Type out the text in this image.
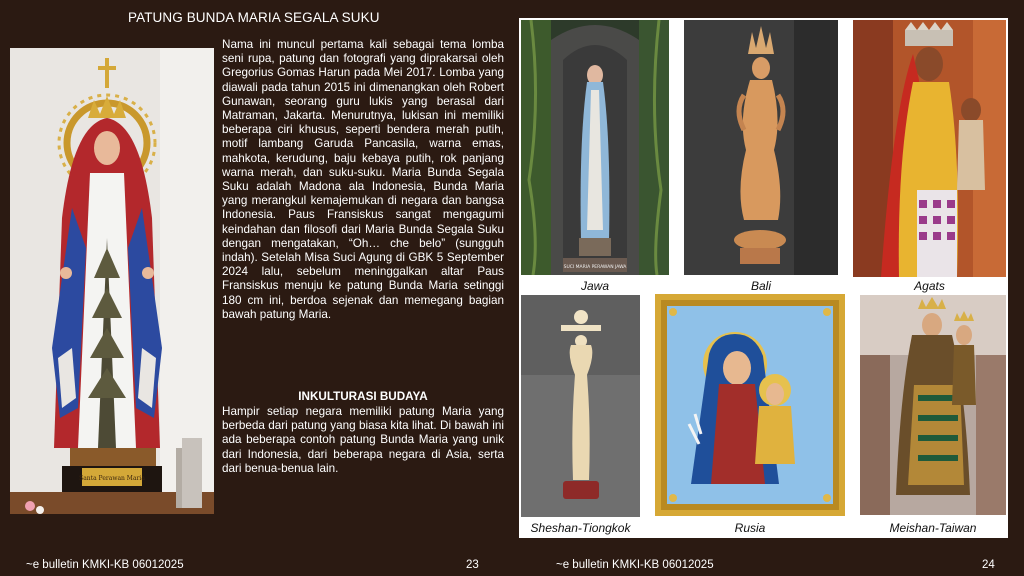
PATUNG BUNDA MARIA SEGALA SUKU
Santa Perawan Maria
Nama ini muncul pertama kali sebagai tema lomba seni rupa, patung dan fotografi yang diprakarsai oleh Gregorius Gomas Harun pada Mei 2017. Lomba yang diawali pada tahun 2015 ini dimenangkan oleh Robert Gunawan, seorang guru lukis yang berasal dari Matraman, Jakarta. Menurutnya, lukisan ini memiliki beberapa ciri khusus, seperti bendera merah putih, motif lambang Garuda Pancasila, warna emas, mahkota, kerudung, baju kebaya putih, rok panjang warna merah, dan suku-suku. Maria Bunda Segala Suku adalah Madona ala Indonesia, Bunda Maria yang merangkul kemajemukan di negara dan bangsa Indonesia. Paus Fransiskus sangat mengagumi keindahan dan filosofi dari Maria Bunda Segala Suku dengan mengatakan, “Oh… che belo” (sungguh indah). Setelah Misa Suci Agung di GBK 5 September 2024 lalu, sebelum meninggalkan altar Paus Fransiskus menuju ke patung Bunda Maria setinggi 180 cm ini, berdoa sejenak dan memegang bagian bawah patung Maria.
INKULTURASI BUDAYA
Hampir setiap negara memiliki patung Maria yang berbeda dari patung yang biasa kita lihat. Di bawah ini ada beberapa contoh patung Bunda Maria yang unik dari Indonesia, dari beberapa negara di Asia, serta dari benua-benua lain.
~e bulletin KMKI-KB 06012025	23	~e bulletin KMKI-KB 06012025	24
SUCI MARIA PERAWAN JAWA
Jawa	Bali	Agats
Sheshan-Tiongkok	Rusia	Meishan-Taiwan
